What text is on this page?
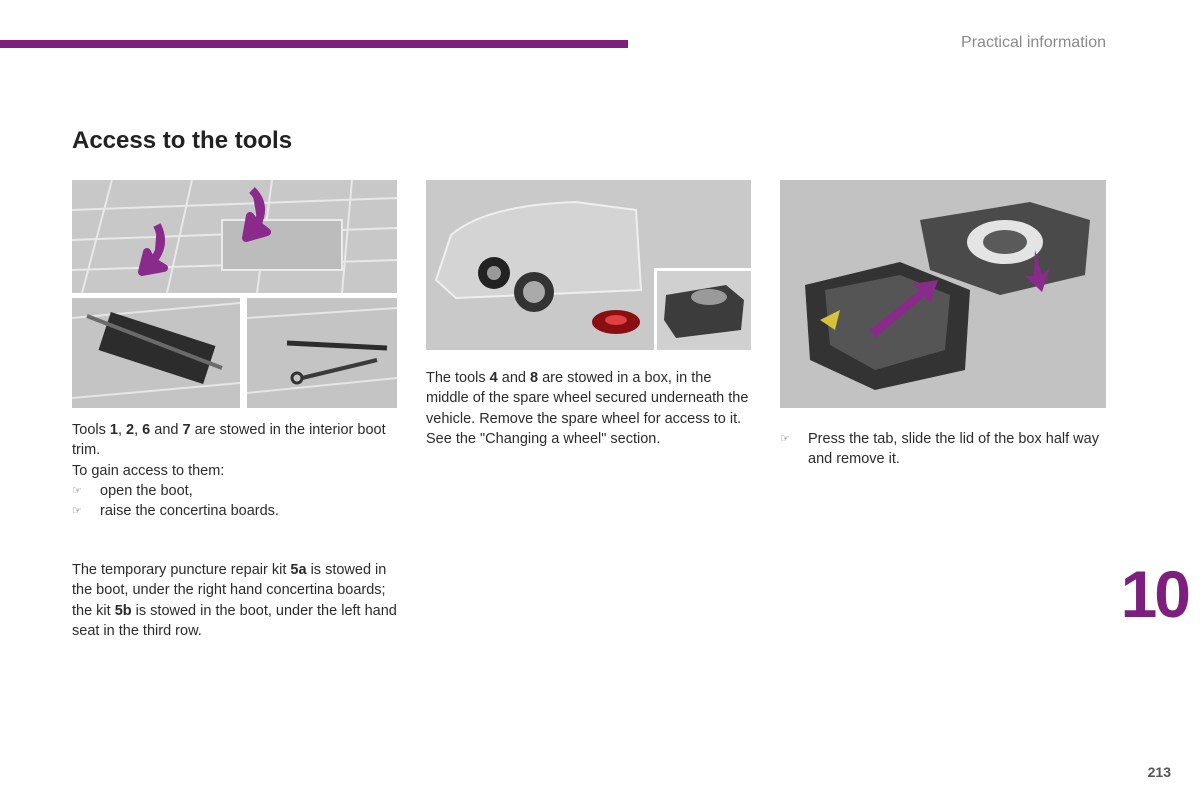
Practical information
Access to the tools

Tools 1, 2, 6 and 7 are stowed in the interior boot trim.
To gain access to them:

☞ open the boot,
☞ raise the concertina boards.

The temporary puncture repair kit 5a is stowed in the boot, under the right hand concertina boards; the kit 5b is stowed in the boot, under the left hand seat in the third row.

The tools 4 and 8 are stowed in a box, in the middle of the spare wheel secured underneath the vehicle. Remove the spare wheel for access to it.
See the "Changing a wheel" section.	☞ Press the tab, slide the lid of the box half way and remove it.
10
213
